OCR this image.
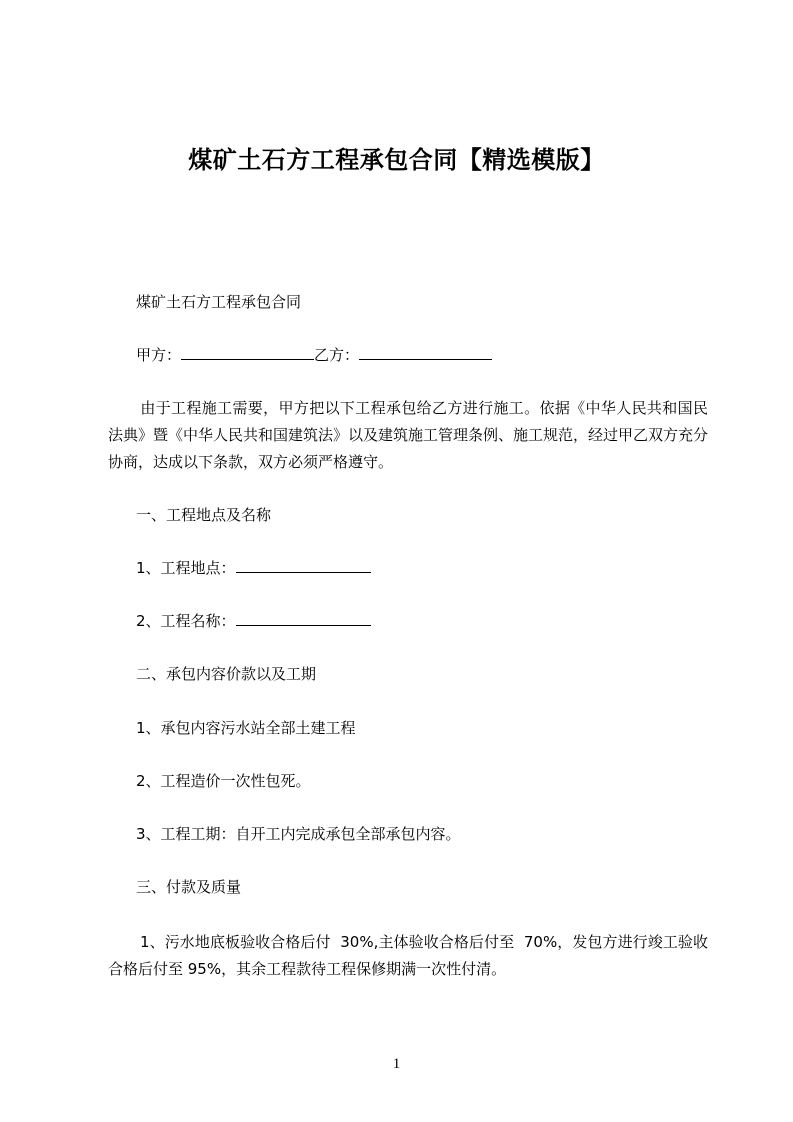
煤矿土石方工程承包合同【精选模版】
煤矿土石方工程承包合同
甲方：	乙方：
由于工程施工需要，甲方把以下工程承包给乙方进行施工。依据《中华人民共和国民法典》暨《中华人民共和国建筑法》以及建筑施工管理条例、施工规范，经过甲乙双方充分协商，达成以下条款，双方必须严格遵守。
一、工程地点及名称
1、工程地点：
2、工程名称：
二、承包内容价款以及工期
1、承包内容污水站全部土建工程
2、工程造价一次性包死。
3、工程工期：自开工内完成承包全部承包内容。
三、付款及质量
1、污水地底板验收合格后付  30%,主体验收合格后付至  70%，发包方进行竣工验收合格后付至 95%，其余工程款待工程保修期满一次性付清。
1
